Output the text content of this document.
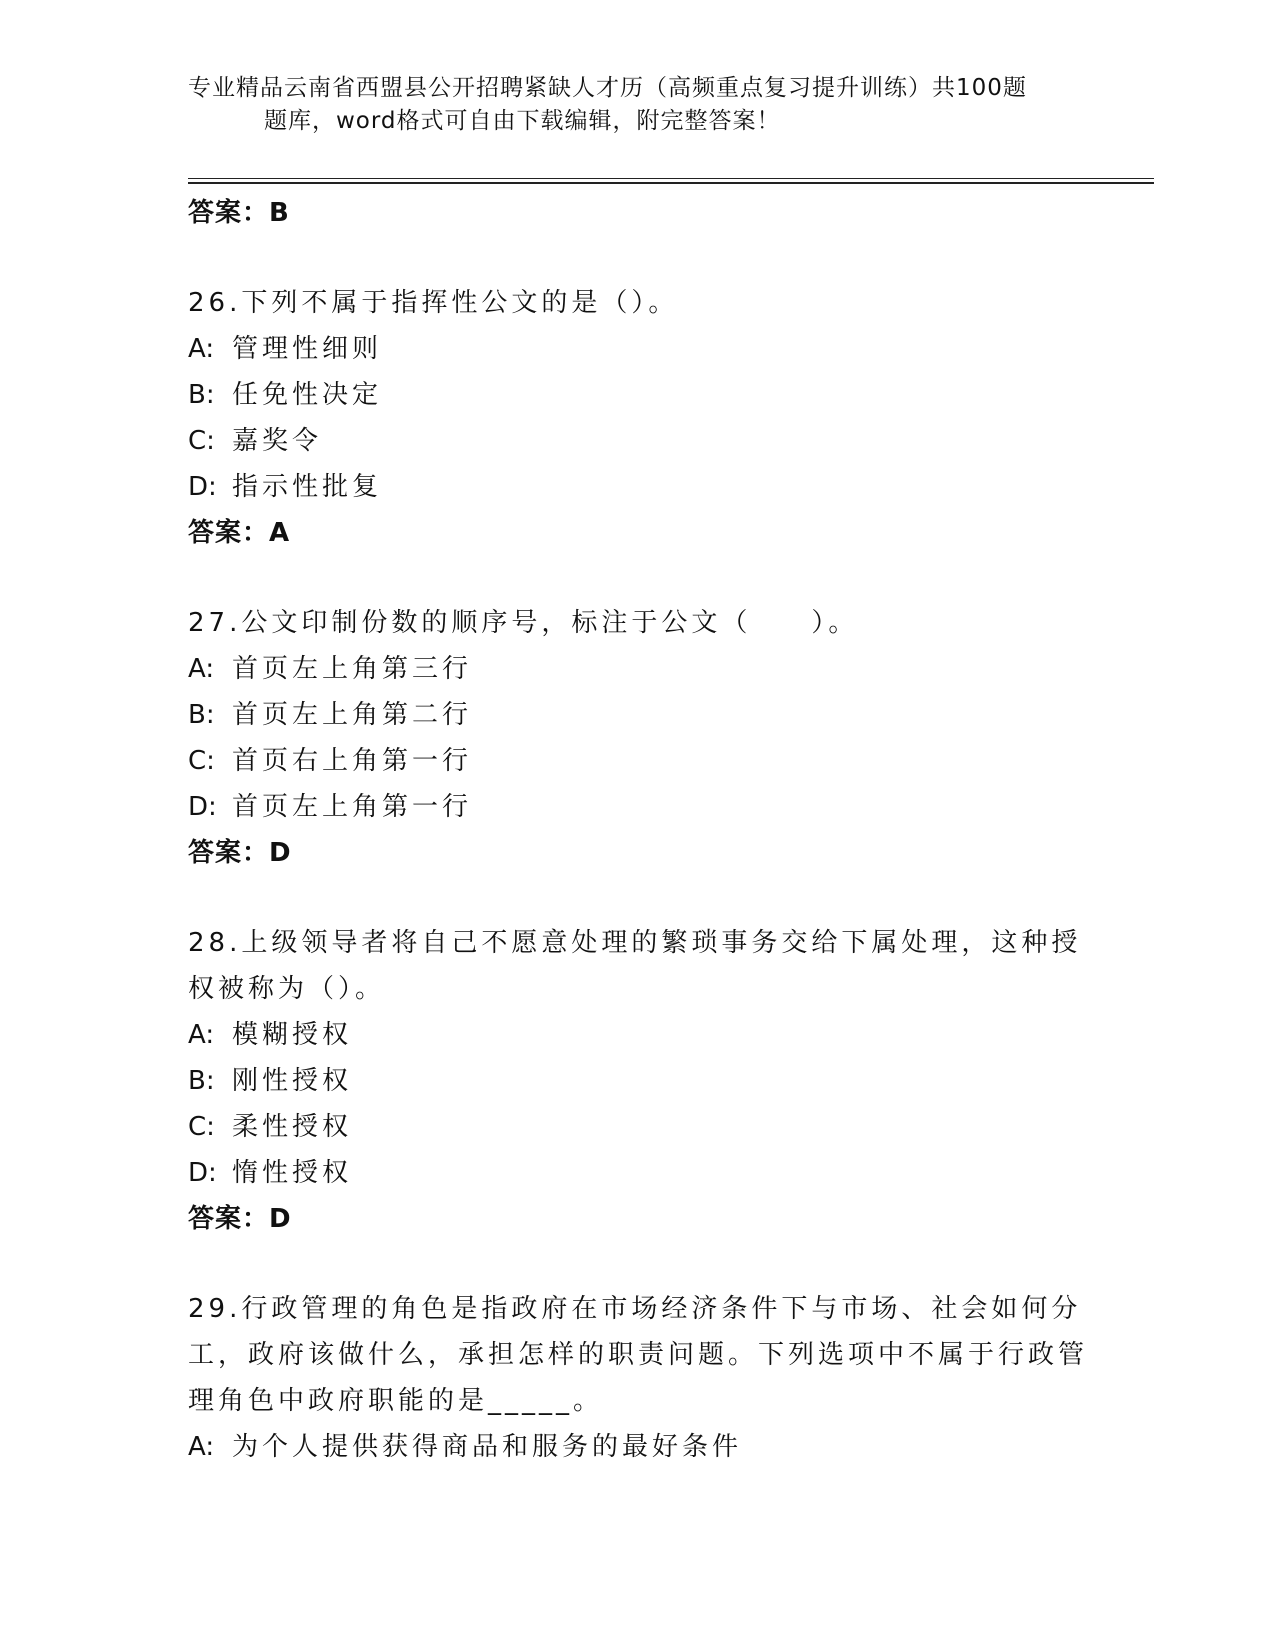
专业精品云南省西盟县公开招聘紧缺人才历（高频重点复习提升训练）共100题
题库，word格式可自由下载编辑，附完整答案！
答案：B
26.下列不属于指挥性公文的是（）。
A: 管理性细则
B: 任免性决定
C: 嘉奖令
D: 指示性批复
答案：A
27.公文印制份数的顺序号，标注于公文（　　）。
A: 首页左上角第三行
B: 首页左上角第二行
C: 首页右上角第一行
D: 首页左上角第一行
答案：D
28.上级领导者将自己不愿意处理的繁琐事务交给下属处理，这种授权被称为（）。
A: 模糊授权
B: 刚性授权
C: 柔性授权
D: 惰性授权
答案：D
29.行政管理的角色是指政府在市场经济条件下与市场、社会如何分工，政府该做什么，承担怎样的职责问题。下列选项中不属于行政管理角色中政府职能的是_____。
A: 为个人提供获得商品和服务的最好条件
